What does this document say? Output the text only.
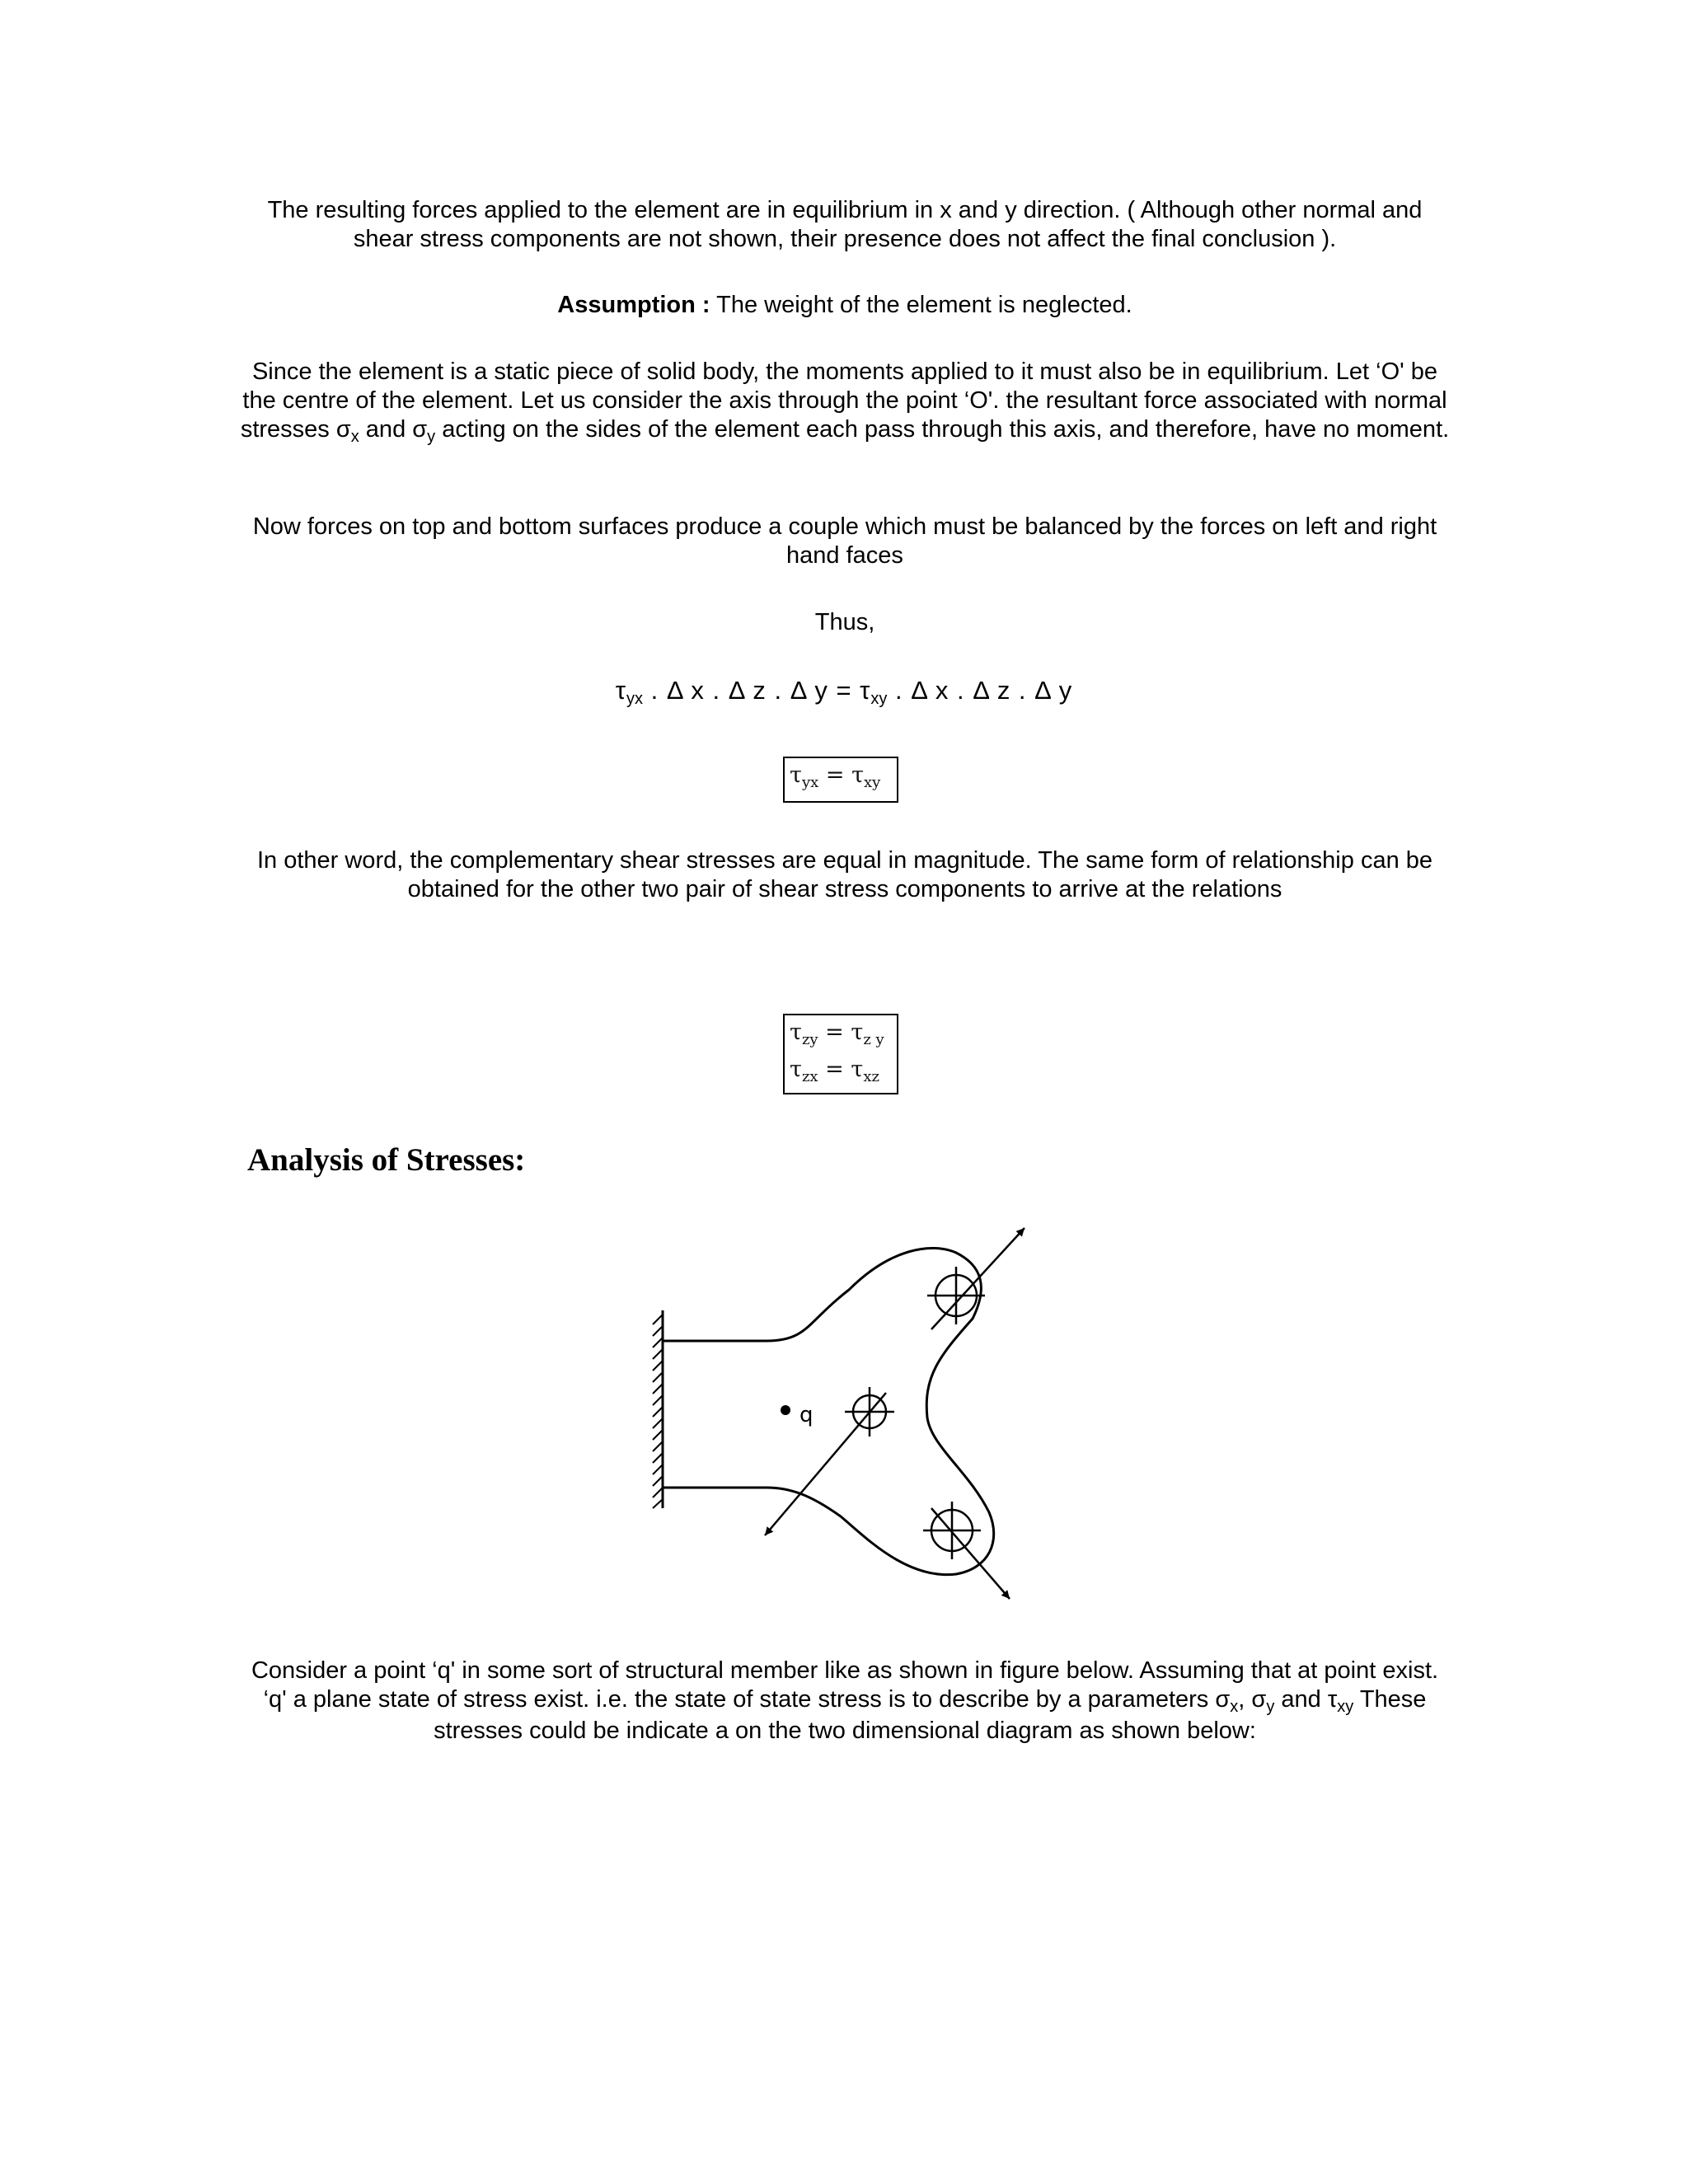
The resulting forces applied to the element are in equilibrium in x and y direction. ( Although other normal and shear stress components are not shown, their presence does not affect the final conclusion ).

Assumption : The weight of the element is neglected.

Since the element is a static piece of solid body, the moments applied to it must also be in equilibrium. Let ‘O' be the centre of the element. Let us consider the axis through the point ‘O'. the resultant force associated with normal stresses $\sigma_x$ and $\sigma_y$ acting on the sides of the element each pass through this axis, and therefore, have no moment.

Now forces on top and bottom surfaces produce a couple which must be balanced by the forces on left and right hand faces

Thus,

τyx . Δ x . Δ z . Δ y = τxy . Δ x . Δ z . Δ y
$\tau_{yx} = \tau_{xy}$

In other word, the complementary shear stresses are equal in magnitude. The same form of relationship can be obtained for the other two pair of shear stress components to arrive at the relations

$\tau_{zy} = \tau_{z y}$
$\tau_{zx} = \tau_{xz}$
Analysis of Stresses:
q

Consider a point ‘q' in some sort of structural member like as shown in figure below. Assuming that at point exist. ‘q' a plane state of stress exist. i.e. the state of state stress is to describe by a parameters $\sigma_x$, $\sigma_y$ and $\tau_{xy}$ These stresses could be indicate a on the two dimensional diagram as shown below:
